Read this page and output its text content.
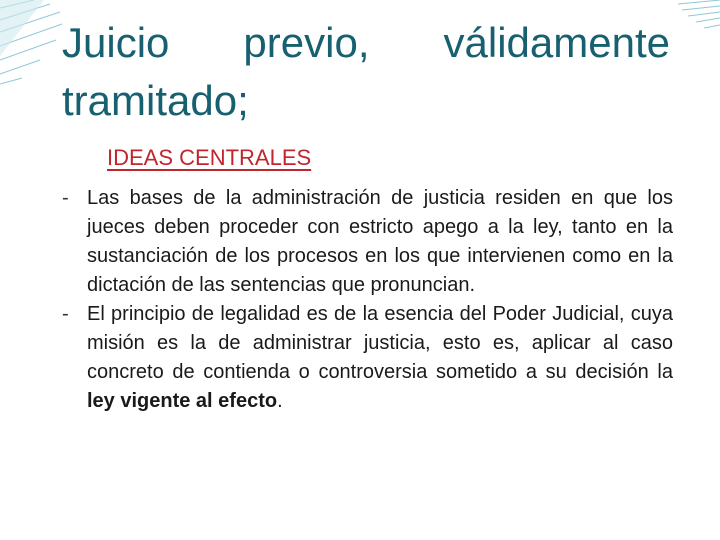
Juicio previo, válidamente
tramitado;
IDEAS CENTRALES
- Las bases de la administración de justicia residen en que los jueces deben proceder con estricto apego a la ley, tanto en la sustanciación de los procesos en los que intervienen como en la dictación de las sentencias que pronuncian.
- El principio de legalidad es de la esencia del Poder Judicial, cuya misión es la de administrar justicia, esto es, aplicar al caso concreto de contienda o controversia sometido a su decisión la ley vigente al efecto.
